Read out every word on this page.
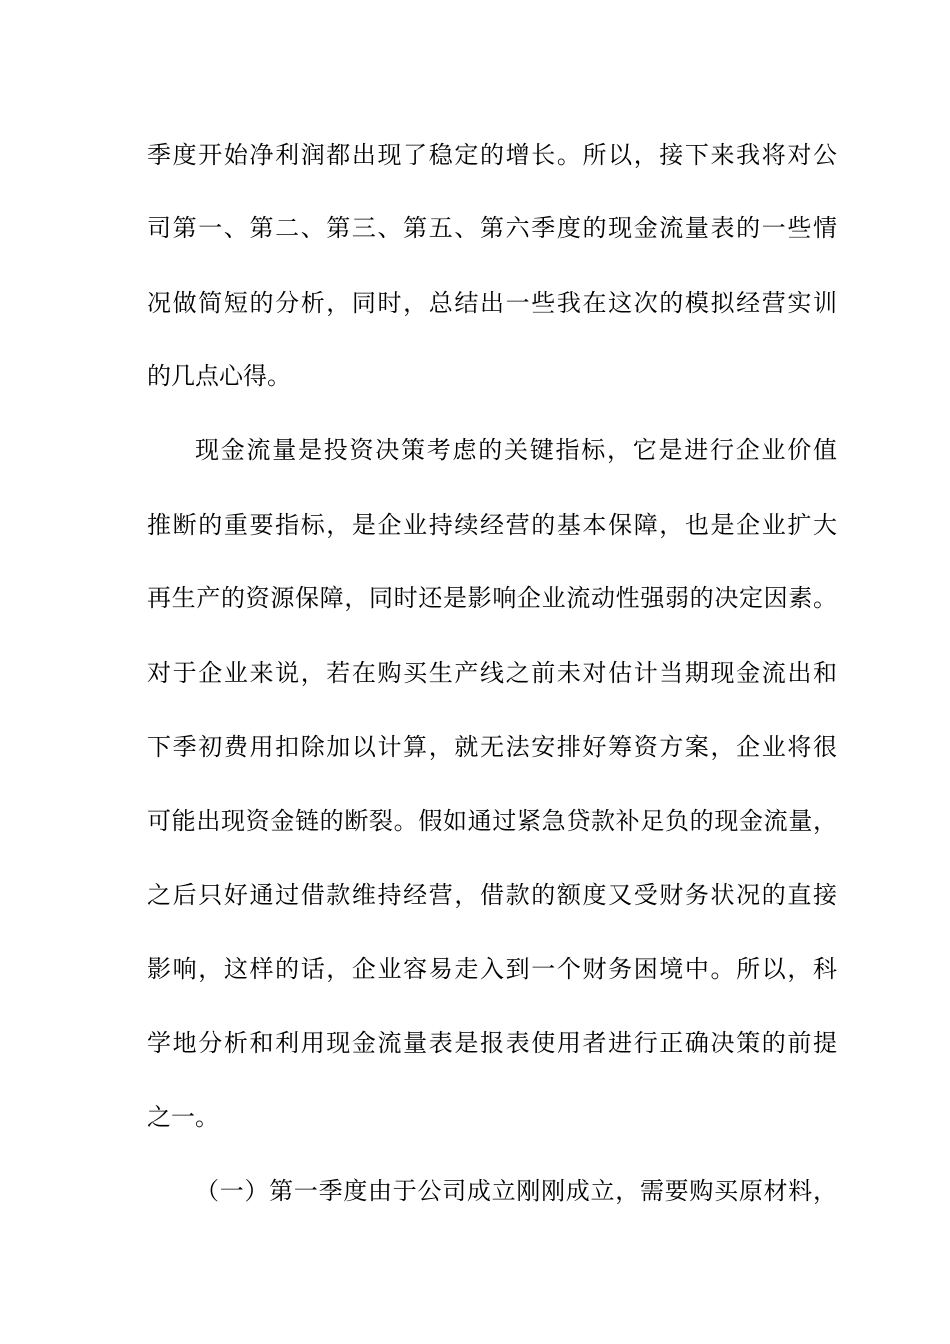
季度开始净利润都出现了稳定的增长。所以，接下来我将对公
司第一、第二、第三、第五、第六季度的现金流量表的一些情
况做简短的分析，同时，总结出一些我在这次的模拟经营实训
的几点心得。
现金流量是投资决策考虑的关键指标，它是进行企业价值
推断的重要指标，是企业持续经营的基本保障，也是企业扩大
再生产的资源保障，同时还是影响企业流动性强弱的决定因素。
对于企业来说，若在购买生产线之前未对估计当期现金流出和
下季初费用扣除加以计算，就无法安排好筹资方案，企业将很
可能出现资金链的断裂。假如通过紧急贷款补足负的现金流量，
之后只好通过借款维持经营，借款的额度又受财务状况的直接
影响，这样的话，企业容易走入到一个财务困境中。所以，科
学地分析和利用现金流量表是报表使用者进行正确决策的前提
之一。
（一）第一季度由于公司成立刚刚成立，需要购买原材料，
